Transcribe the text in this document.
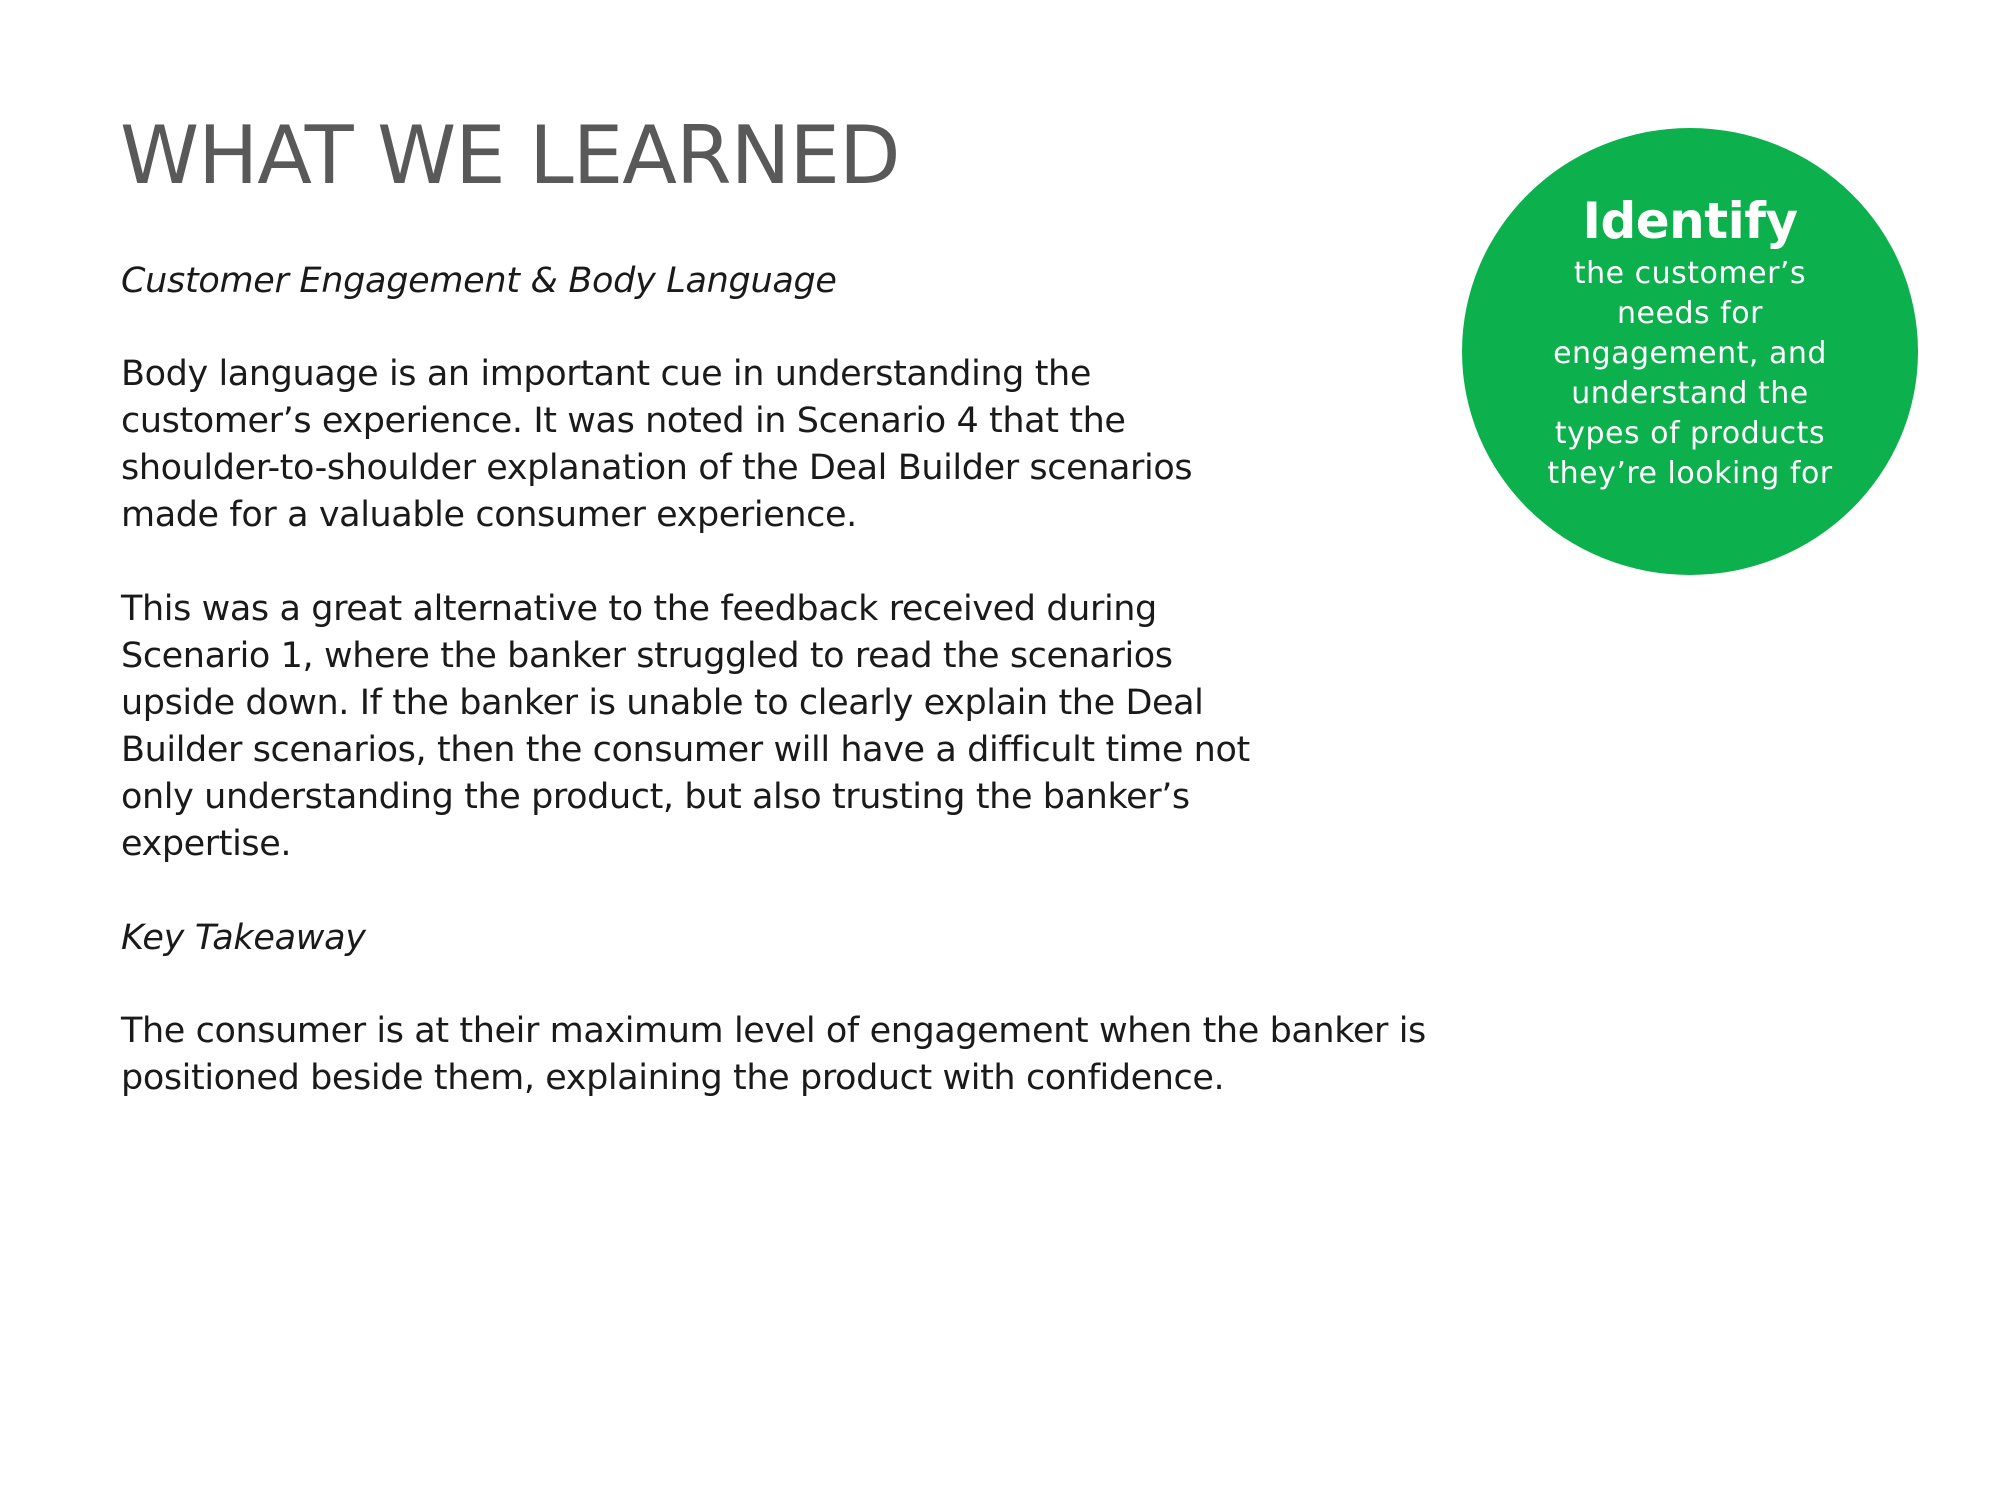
WHAT WE LEARNED

Customer Engagement & Body Language

Body language is an important cue in understanding the
customer’s experience. It was noted in Scenario 4 that the
shoulder-to-shoulder explanation of the Deal Builder scenarios
made for a valuable consumer experience.

This was a great alternative to the feedback received during
Scenario 1, where the banker struggled to read the scenarios
upside down. If the banker is unable to clearly explain the Deal
Builder scenarios, then the consumer will have a difficult time not
only understanding the product, but also trusting the banker’s
expertise.

Key Takeaway

The consumer is at their maximum level of engagement when the banker is
positioned beside them, explaining the product with confidence.

Identify

the customer’s
needs for
engagement, and
understand the
types of products
they’re looking for
